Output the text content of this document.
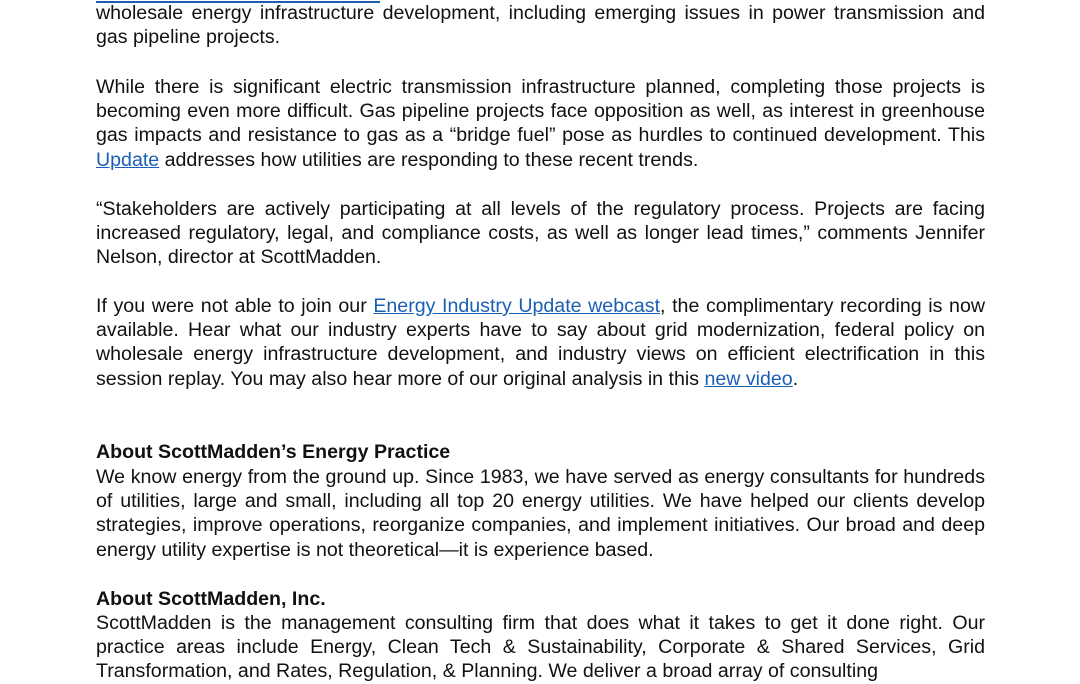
wholesale energy infrastructure development, including emerging issues in power transmission and gas pipeline projects.

While there is significant electric transmission infrastructure planned, completing those projects is becoming even more difficult. Gas pipeline projects face opposition as well, as interest in greenhouse gas impacts and resistance to gas as a “bridge fuel” pose as hurdles to continued development. This Update addresses how utilities are responding to these recent trends.

“Stakeholders are actively participating at all levels of the regulatory process. Projects are facing increased regulatory, legal, and compliance costs, as well as longer lead times,” comments Jennifer Nelson, director at ScottMadden.

If you were not able to join our Energy Industry Update webcast, the complimentary recording is now available. Hear what our industry experts have to say about grid modernization, federal policy on wholesale energy infrastructure development, and industry views on efficient electrification in this session replay. You may also hear more of our original analysis in this new video.

About ScottMadden’s Energy Practice

We know energy from the ground up. Since 1983, we have served as energy consultants for hundreds of utilities, large and small, including all top 20 energy utilities. We have helped our clients develop strategies, improve operations, reorganize companies, and implement initiatives. Our broad and deep energy utility expertise is not theoretical—it is experience based.

About ScottMadden, Inc.

ScottMadden is the management consulting firm that does what it takes to get it done right. Our practice areas include Energy, Clean Tech & Sustainability, Corporate & Shared Services, Grid Transformation, and Rates, Regulation, & Planning. We deliver a broad array of consulting
